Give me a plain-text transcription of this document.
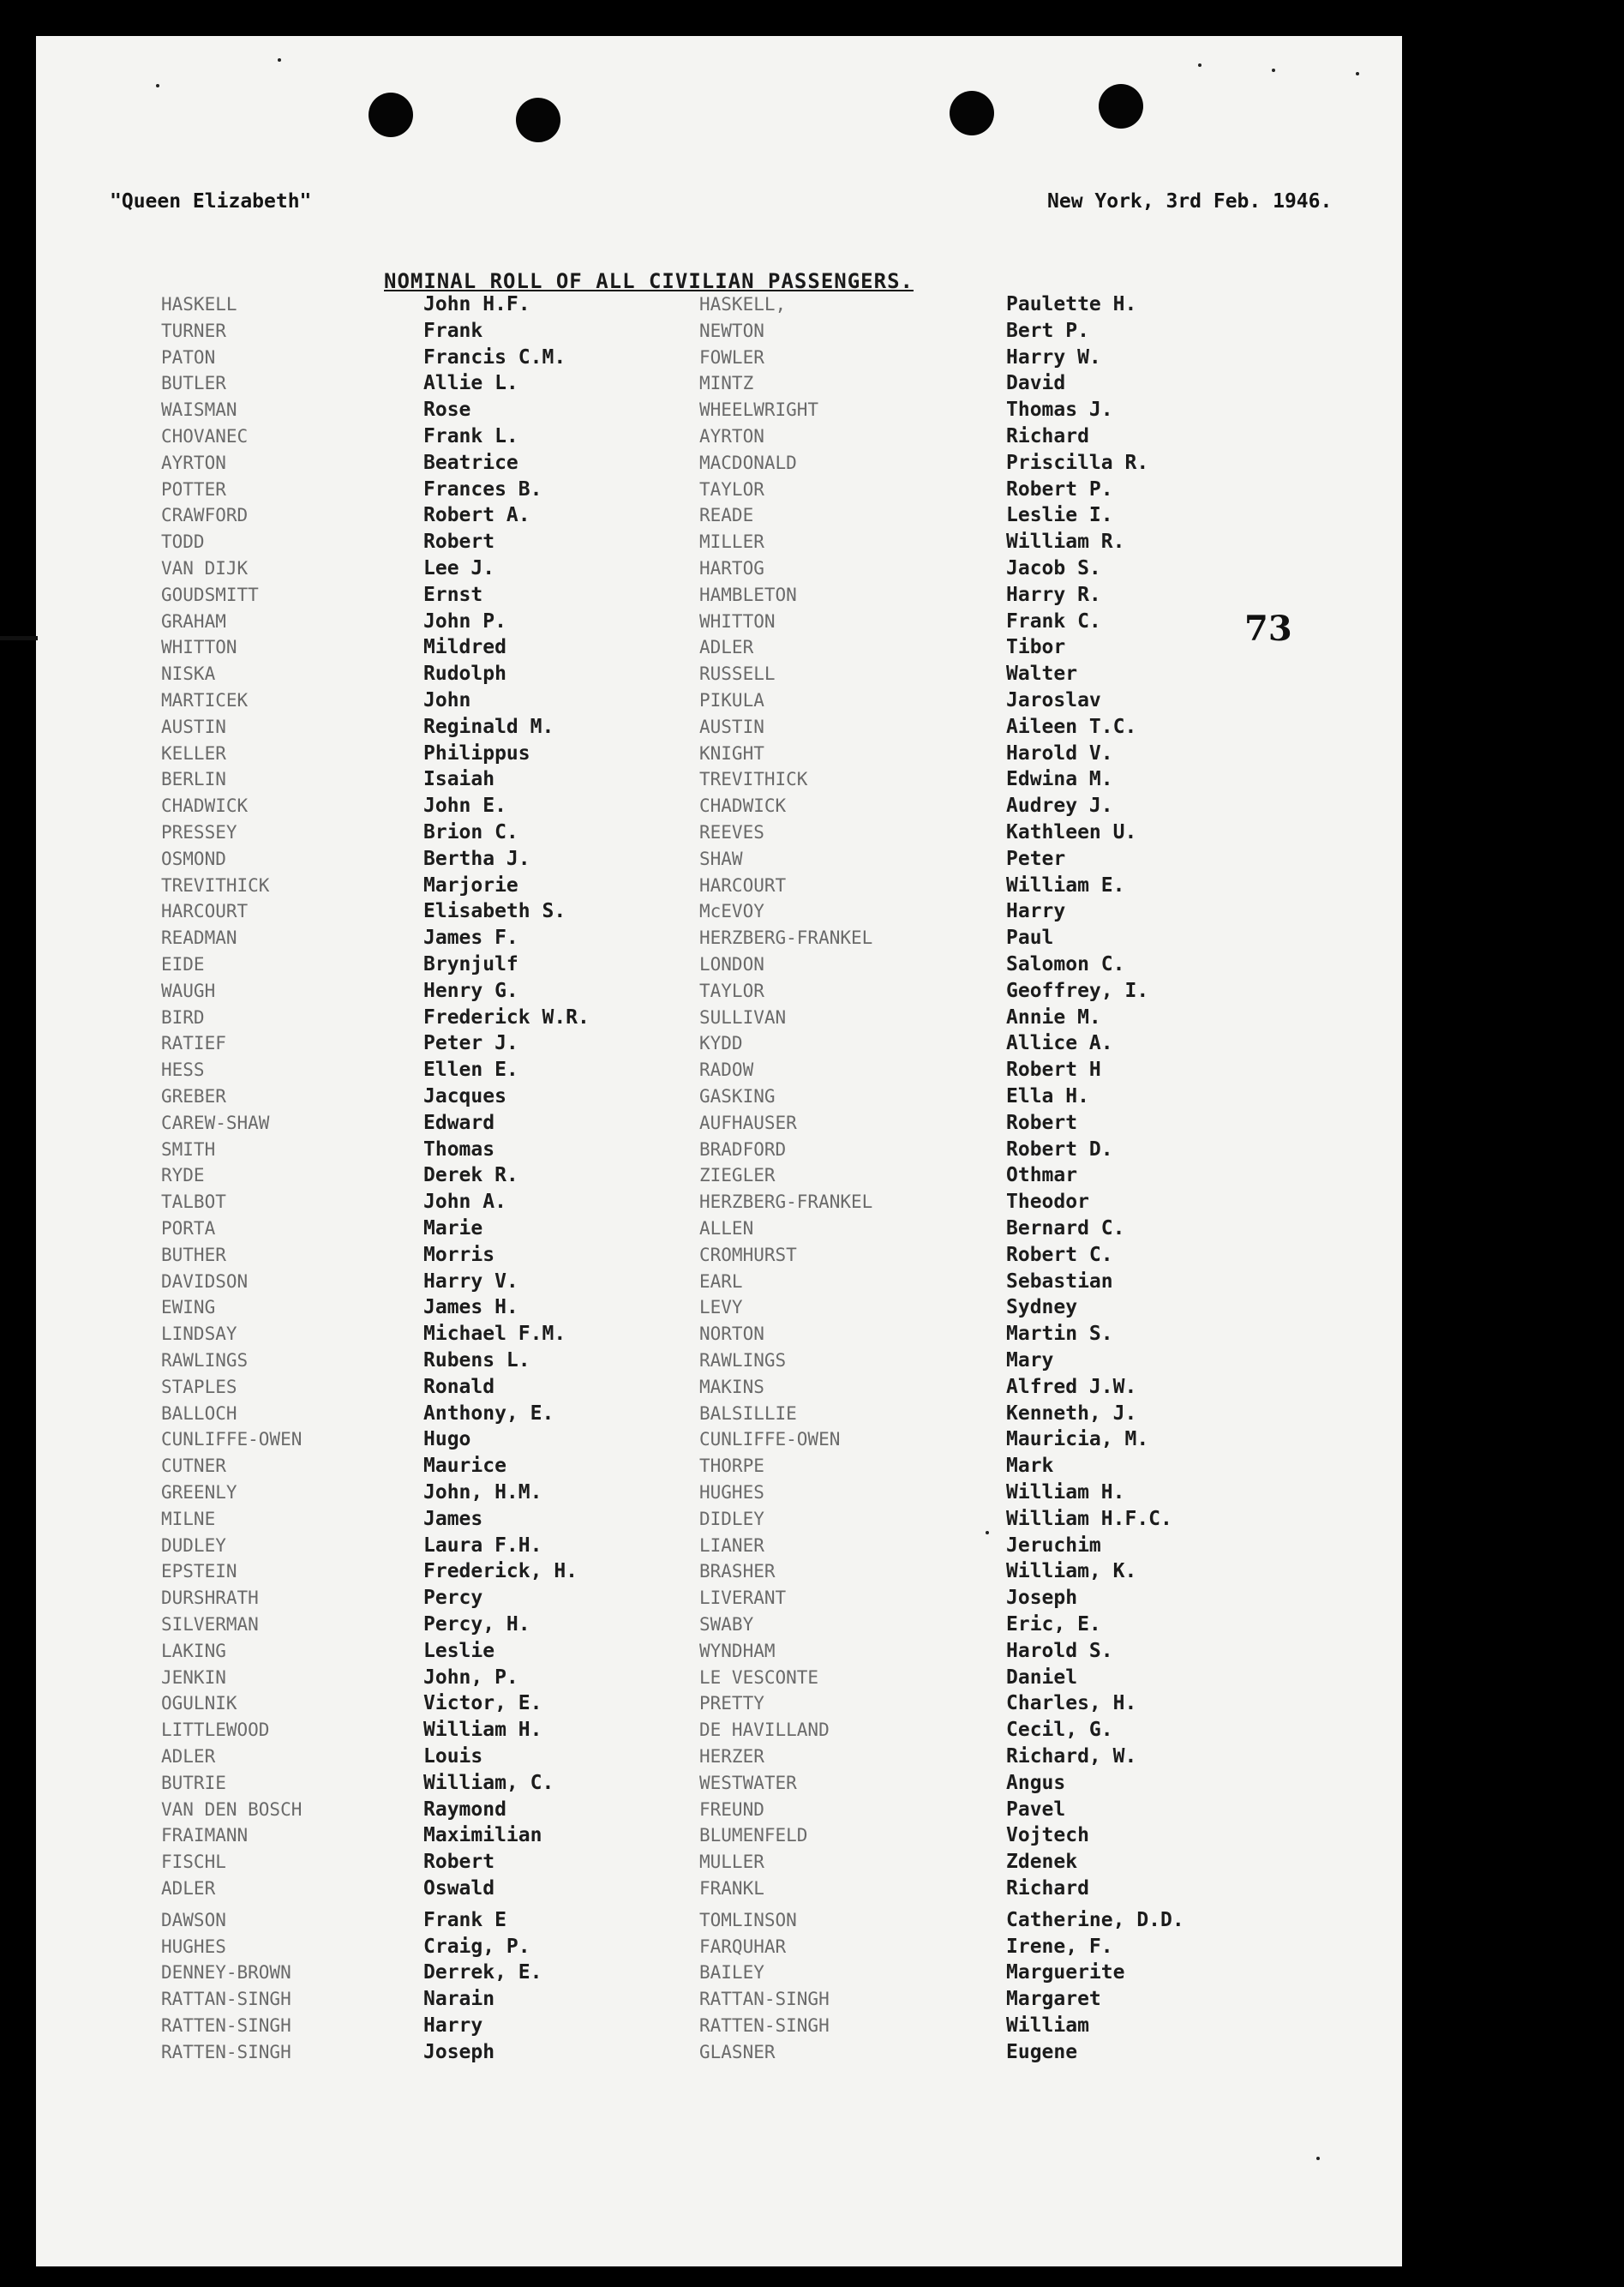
"Queen Elizabeth"	New York, 3rd Feb. 1946.
NOMINAL ROLL OF ALL CIVILIAN PASSENGERS.
73
HASKELL	John H.F.	HASKELL,	Paulette H.
TURNER	Frank	NEWTON	Bert P.
PATON	Francis C.M.	FOWLER	Harry W.
BUTLER	Allie L.	MINTZ	David
WAISMAN	Rose	WHEELWRIGHT	Thomas J.
CHOVANEC	Frank L.	AYRTON	Richard
AYRTON	Beatrice	MACDONALD	Priscilla R.
POTTER	Frances B.	TAYLOR	Robert P.
CRAWFORD	Robert A.	READE	Leslie I.
TODD	Robert	MILLER	William R.
VAN DIJK	Lee J.	HARTOG	Jacob S.
GOUDSMITT	Ernst	HAMBLETON	Harry R.
GRAHAM	John P.	WHITTON	Frank C.
WHITTON	Mildred	ADLER	Tibor
NISKA	Rudolph	RUSSELL	Walter
MARTICEK	John	PIKULA	Jaroslav
AUSTIN	Reginald M.	AUSTIN	Aileen T.C.
KELLER	Philippus	KNIGHT	Harold V.
BERLIN	Isaiah	TREVITHICK	Edwina M.
CHADWICK	John E.	CHADWICK	Audrey J.
PRESSEY	Brion C.	REEVES	Kathleen U.
OSMOND	Bertha J.	SHAW	Peter
TREVITHICK	Marjorie	HARCOURT	William E.
HARCOURT	Elisabeth S.	McEVOY	Harry
READMAN	James F.	HERZBERG-FRANKEL	Paul
EIDE	Brynjulf	LONDON	Salomon C.
WAUGH	Henry G.	TAYLOR	Geoffrey, I.
BIRD	Frederick W.R.	SULLIVAN	Annie M.
RATIEF	Peter J.	KYDD	Allice A.
HESS	Ellen E.	RADOW	Robert H
GREBER	Jacques	GASKING	Ella H.
CAREW-SHAW	Edward	AUFHAUSER	Robert
SMITH	Thomas	BRADFORD	Robert D.
RYDE	Derek R.	ZIEGLER	Othmar
TALBOT	John A.	HERZBERG-FRANKEL	Theodor
PORTA	Marie	ALLEN	Bernard C.
BUTHER	Morris	CROMHURST	Robert C.
DAVIDSON	Harry V.	EARL	Sebastian
EWING	James H.	LEVY	Sydney
LINDSAY	Michael F.M.	NORTON	Martin S.
RAWLINGS	Rubens L.	RAWLINGS	Mary
STAPLES	Ronald	MAKINS	Alfred J.W.
BALLOCH	Anthony, E.	BALSILLIE	Kenneth, J.
CUNLIFFE-OWEN	Hugo	CUNLIFFE-OWEN	Mauricia, M.
CUTNER	Maurice	THORPE	Mark
GREENLY	John, H.M.	HUGHES	William H.
MILNE	James	DIDLEY	William H.F.C.
DUDLEY	Laura F.H.	LIANER	Jeruchim
EPSTEIN	Frederick, H.	BRASHER	William, K.
DURSHRATH	Percy	LIVERANT	Joseph
SILVERMAN	Percy, H.	SWABY	Eric, E.
LAKING	Leslie	WYNDHAM	Harold S.
JENKIN	John, P.	LE VESCONTE	Daniel
OGULNIK	Victor, E.	PRETTY	Charles, H.
LITTLEWOOD	William H.	DE HAVILLAND	Cecil, G.
ADLER	Louis	HERZER	Richard, W.
BUTRIE	William, C.	WESTWATER	Angus
VAN DEN BOSCH	Raymond	FREUND	Pavel
FRAIMANN	Maximilian	BLUMENFELD	Vojtech
FISCHL	Robert	MULLER	Zdenek
ADLER	Oswald	FRANKL	Richard
DAWSON	Frank E	TOMLINSON	Catherine, D.D.
HUGHES	Craig, P.	FARQUHAR	Irene, F.
DENNEY-BROWN	Derrek, E.	BAILEY	Marguerite
RATTAN-SINGH	Narain	RATTAN-SINGH	Margaret
RATTEN-SINGH	Harry	RATTEN-SINGH	William
RATTEN-SINGH	Joseph	GLASNER	Eugene
